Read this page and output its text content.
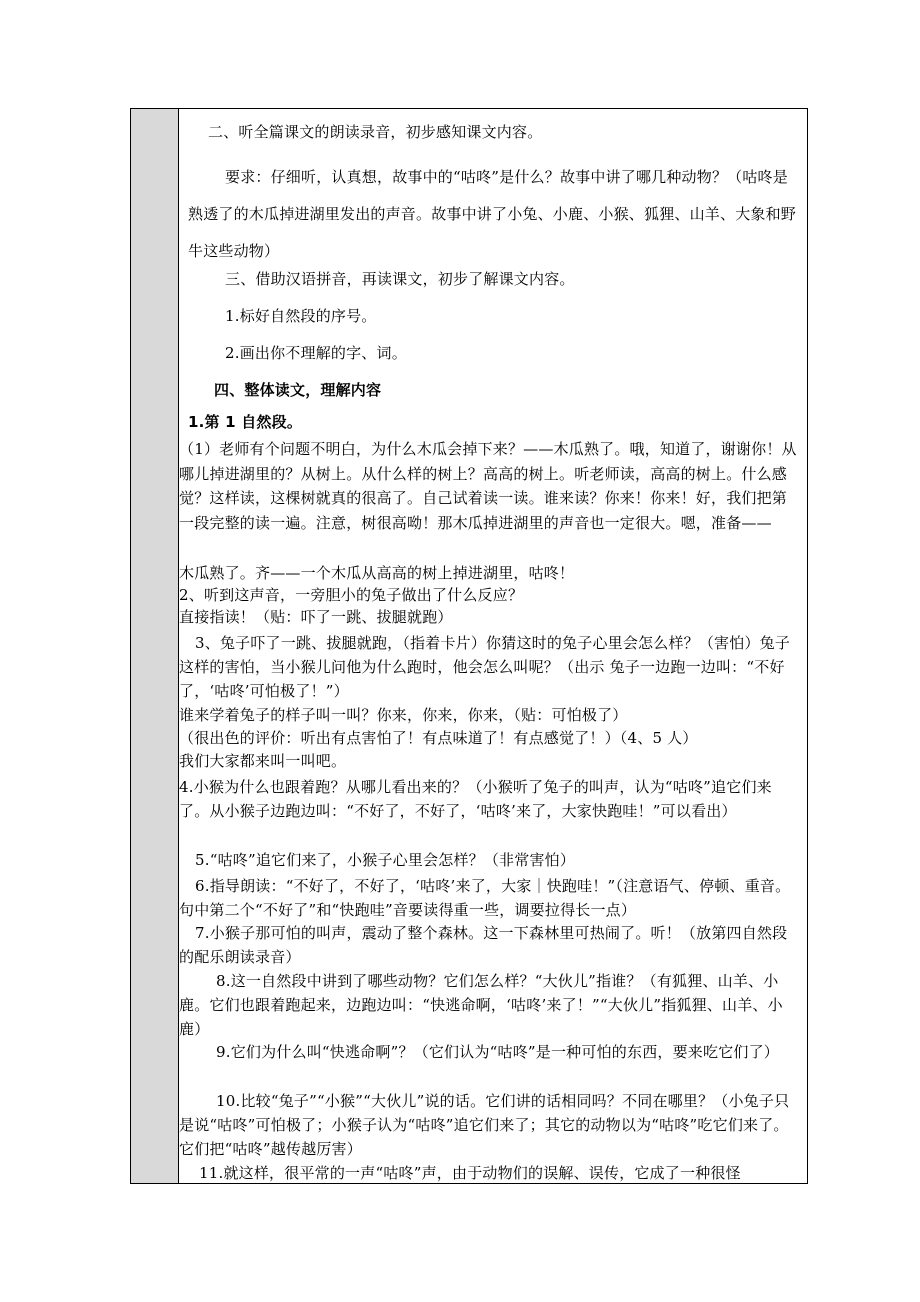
二、听全篇课文的朗读录音，初步感知课文内容。

要求：仔细听，认真想，故事中的“咕咚”是什么？故事中讲了哪几种动物？（咕咚是熟透了的木瓜掉进湖里发出的声音。故事中讲了小兔、小鹿、小猴、狐狸、山羊、大象和野牛这些动物）

三、借助汉语拼音，再读课文，初步了解课文内容。

1.标好自然段的序号。

2.画出你不理解的字、词。

四、整体读文，理解内容

1.第 1 自然段。

（1）老师有个问题不明白，为什么木瓜会掉下来？——木瓜熟了。哦，知道了，谢谢你！从哪儿掉进湖里的？从树上。从什么样的树上？高高的树上。听老师读，高高的树上。什么感觉？这样读，这棵树就真的很高了。自己试着读一读。谁来读？你来！你来！好，我们把第一段完整的读一遍。注意，树很高呦！那木瓜掉进湖里的声音也一定很大。嗯，准备——

木瓜熟了。齐——一个木瓜从高高的树上掉进湖里，咕咚！

2、听到这声音，一旁胆小的兔子做出了什么反应？

直接指读！（贴：吓了一跳、拔腿就跑）

3、兔子吓了一跳、拔腿就跑，（指着卡片）你猜这时的兔子心里会怎么样？（害怕）兔子这样的害怕，当小猴儿问他为什么跑时，他会怎么叫呢？（出示 兔子一边跑一边叫：“不好了，‘咕咚’可怕极了！”）

谁来学着兔子的样子叫一叫？你来，你来，你来，（贴：可怕极了）

（很出色的评价：听出有点害怕了！有点味道了！有点感觉了！）（4、5 人）

我们大家都来叫一叫吧。

4.小猴为什么也跟着跑？从哪儿看出来的？（小猴听了兔子的叫声，认为“咕咚”追它们来了。从小猴子边跑边叫：“不好了，不好了，‘咕咚’来了，大家快跑哇！”可以看出）

5.“咕咚”追它们来了，小猴子心里会怎样？（非常害怕）

6.指导朗读：“不好了，不好了，‘咕咚’来了，大家｜快跑哇！”（注意语气、停顿、重音。句中第二个“不好了”和“快跑哇”音要读得重一些，调要拉得长一点）

7.小猴子那可怕的叫声，震动了整个森林。这一下森林里可热闹了。听！（放第四自然段的配乐朗读录音）

8.这一自然段中讲到了哪些动物？它们怎么样？“大伙儿”指谁？（有狐狸、山羊、小鹿。它们也跟着跑起来，边跑边叫：“快逃命啊，‘咕咚’来了！”“大伙儿”指狐狸、山羊、小鹿）

9.它们为什么叫“快逃命啊”？（它们认为“咕咚”是一种可怕的东西，要来吃它们了）

10.比较“兔子”“小猴”“大伙儿”说的话。它们讲的话相同吗？不同在哪里？（小兔子只是说“咕咚”可怕极了；小猴子认为“咕咚”追它们来了；其它的动物以为“咕咚”吃它们来了。它们把“咕咚”越传越厉害）

11.就这样，很平常的一声“咕咚”声，由于动物们的误解、误传，它成了一种很怪
